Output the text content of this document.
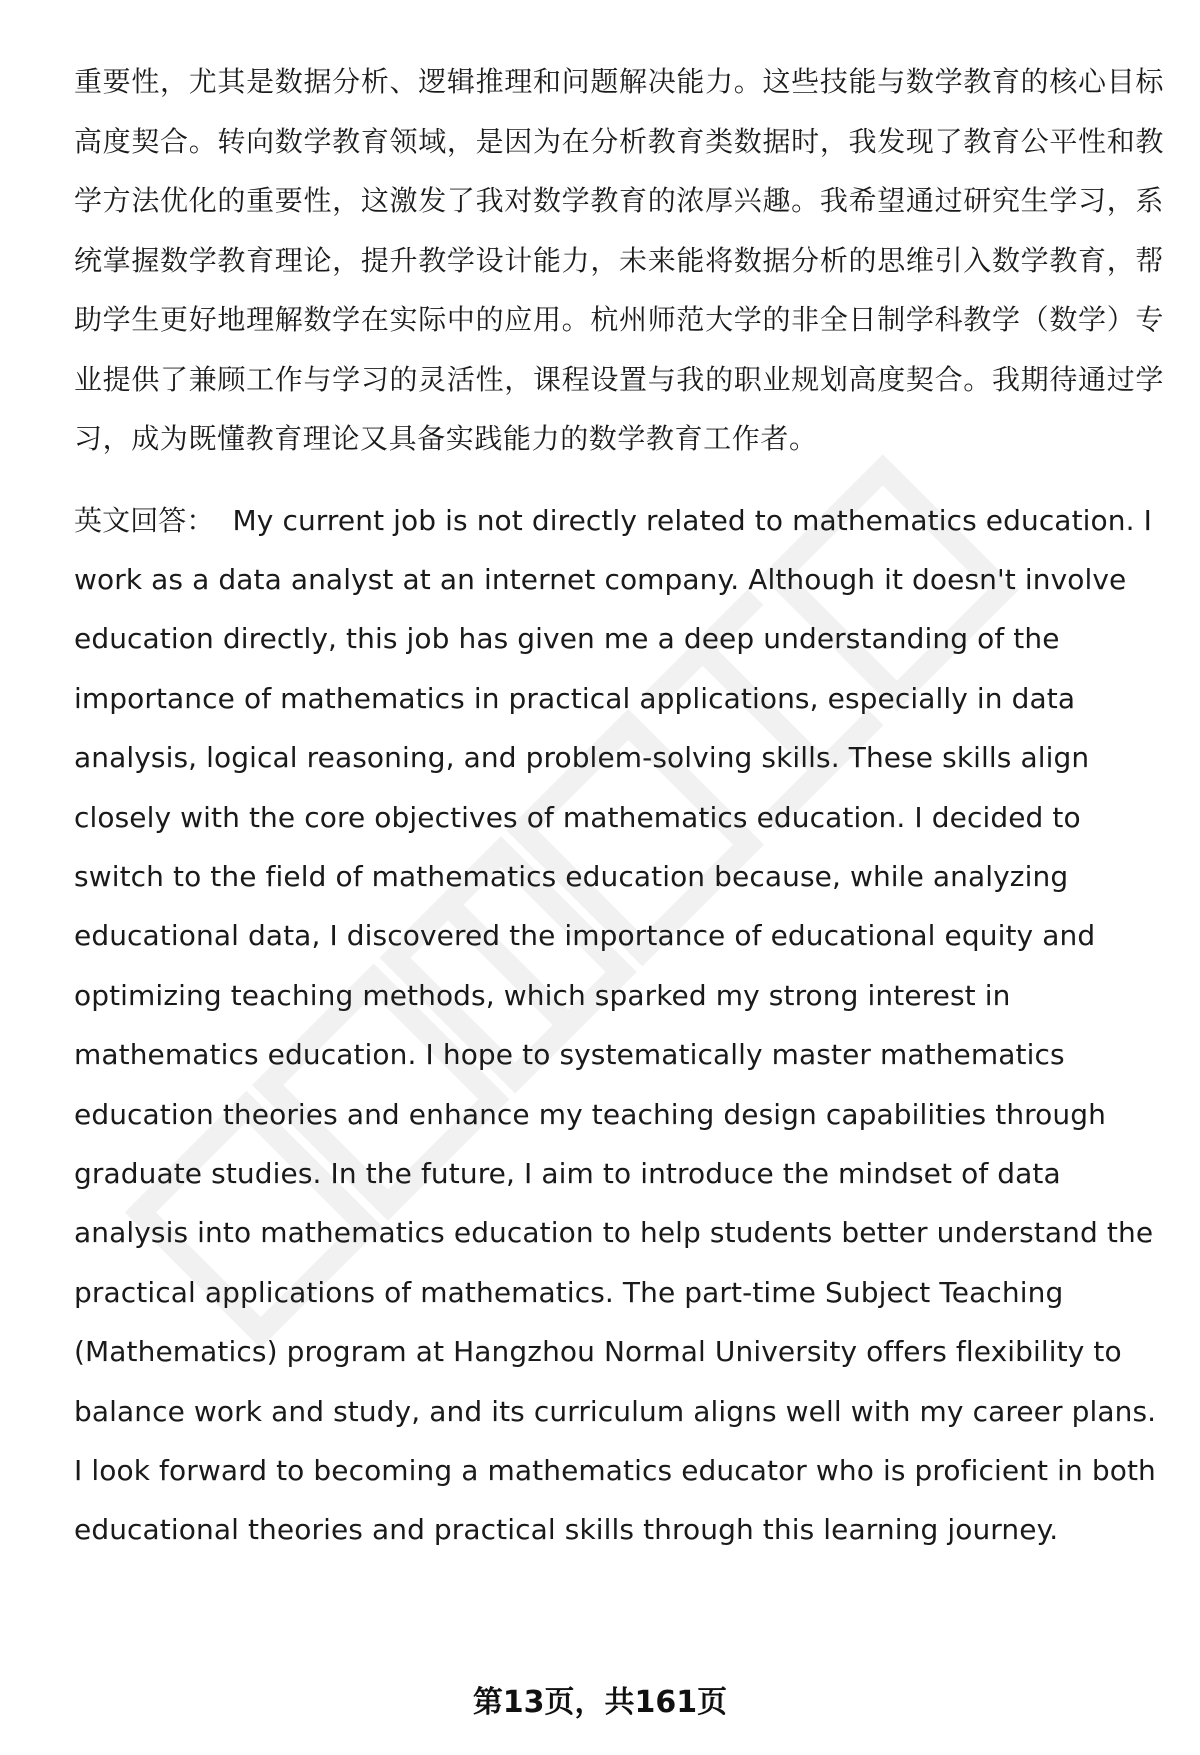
重要性，尤其是数据分析、逻辑推理和问题解决能力。这些技能与数学教育的核心目标高度契合。转向数学教育领域，是因为在分析教育类数据时，我发现了教育公平性和教学方法优化的重要性，这激发了我对数学教育的浓厚兴趣。我希望通过研究生学习，系统掌握数学教育理论，提升教学设计能力，未来能将数据分析的思维引入数学教育，帮助学生更好地理解数学在实际中的应用。杭州师范大学的非全日制学科教学（数学）专业提供了兼顾工作与学习的灵活性，课程设置与我的职业规划高度契合。我期待通过学习，成为既懂教育理论又具备实践能力的数学教育工作者。

英文回答： My current job is not directly related to mathematics education. I work as a data analyst at an internet company. Although it doesn't involve education directly, this job has given me a deep understanding of the importance of mathematics in practical applications, especially in data analysis, logical reasoning, and problem-solving skills. These skills align closely with the core objectives of mathematics education. I decided to switch to the field of mathematics education because, while analyzing educational data, I discovered the importance of educational equity and optimizing teaching methods, which sparked my strong interest in mathematics education. I hope to systematically master mathematics education theories and enhance my teaching design capabilities through graduate studies. In the future, I aim to introduce the mindset of data analysis into mathematics education to help students better understand the practical applications of mathematics. The part-time Subject Teaching (Mathematics) program at Hangzhou Normal University offers flexibility to balance work and study, and its curriculum aligns well with my career plans. I look forward to becoming a mathematics educator who is proficient in both educational theories and practical skills through this learning journey.

第13页，共161页
